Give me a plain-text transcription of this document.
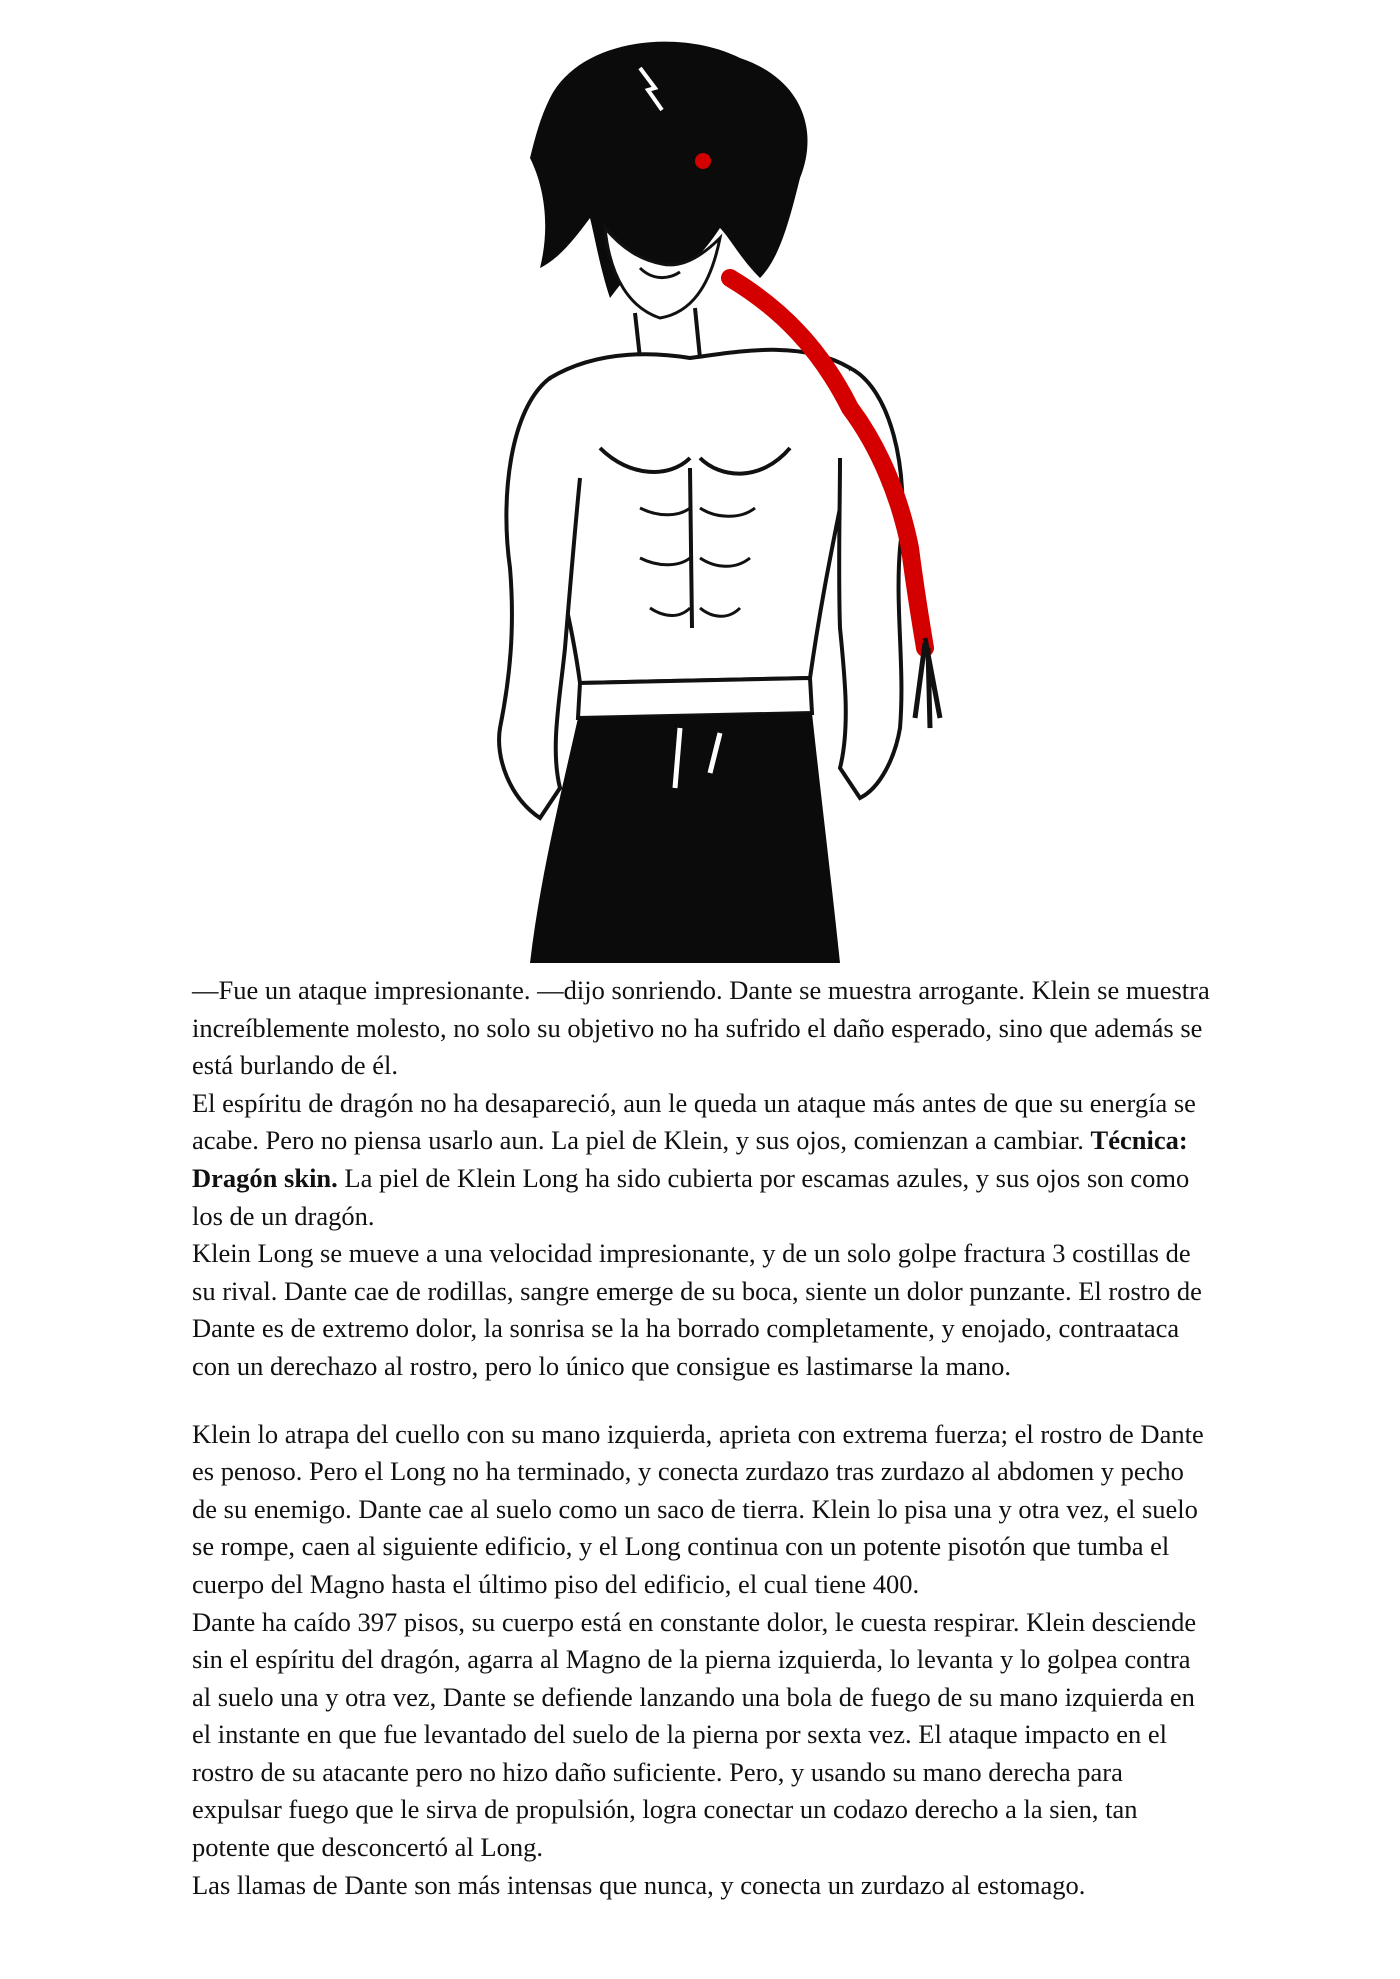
—Fue un ataque impresionante. —dijo sonriendo. Dante se muestra arrogante. Klein se muestra increíblemente molesto, no solo su objetivo no ha sufrido el daño esperado, sino que además se está burlando de él.

El espíritu de dragón no ha desapareció, aun le queda un ataque más antes de que su energía se acabe. Pero no piensa usarlo aun. La piel de Klein, y sus ojos, comienzan a cambiar. Técnica: Dragón skin. La piel de Klein Long ha sido cubierta por escamas azules, y sus ojos son como los de un dragón.

Klein Long se mueve a una velocidad impresionante, y de un solo golpe fractura 3 costillas de su rival. Dante cae de rodillas, sangre emerge de su boca, siente un dolor punzante. El rostro de Dante es de extremo dolor, la sonrisa se la ha borrado completamente, y enojado, contraataca con un derechazo al rostro, pero lo único que consigue es lastimarse la mano.

Klein lo atrapa del cuello con su mano izquierda, aprieta con extrema fuerza; el rostro de Dante es penoso. Pero el Long no ha terminado, y conecta zurdazo tras zurdazo al abdomen y pecho de su enemigo. Dante cae al suelo como un saco de tierra. Klein lo pisa una y otra vez, el suelo se rompe, caen al siguiente edificio, y el Long continua con un potente pisotón que tumba el cuerpo del Magno hasta el último piso del edificio, el cual tiene 400.

Dante ha caído 397 pisos, su cuerpo está en constante dolor, le cuesta respirar. Klein desciende sin el espíritu del dragón, agarra al Magno de la pierna izquierda, lo levanta y lo golpea contra al suelo una y otra vez, Dante se defiende lanzando una bola de fuego de su mano izquierda en el instante en que fue levantado del suelo de la pierna por sexta vez. El ataque impacto en el rostro de su atacante pero no hizo daño suficiente. Pero, y usando su mano derecha para expulsar fuego que le sirva de propulsión, logra conectar un codazo derecho a la sien, tan potente que desconcertó al Long.

Las llamas de Dante son más intensas que nunca, y conecta un zurdazo al estomago.
